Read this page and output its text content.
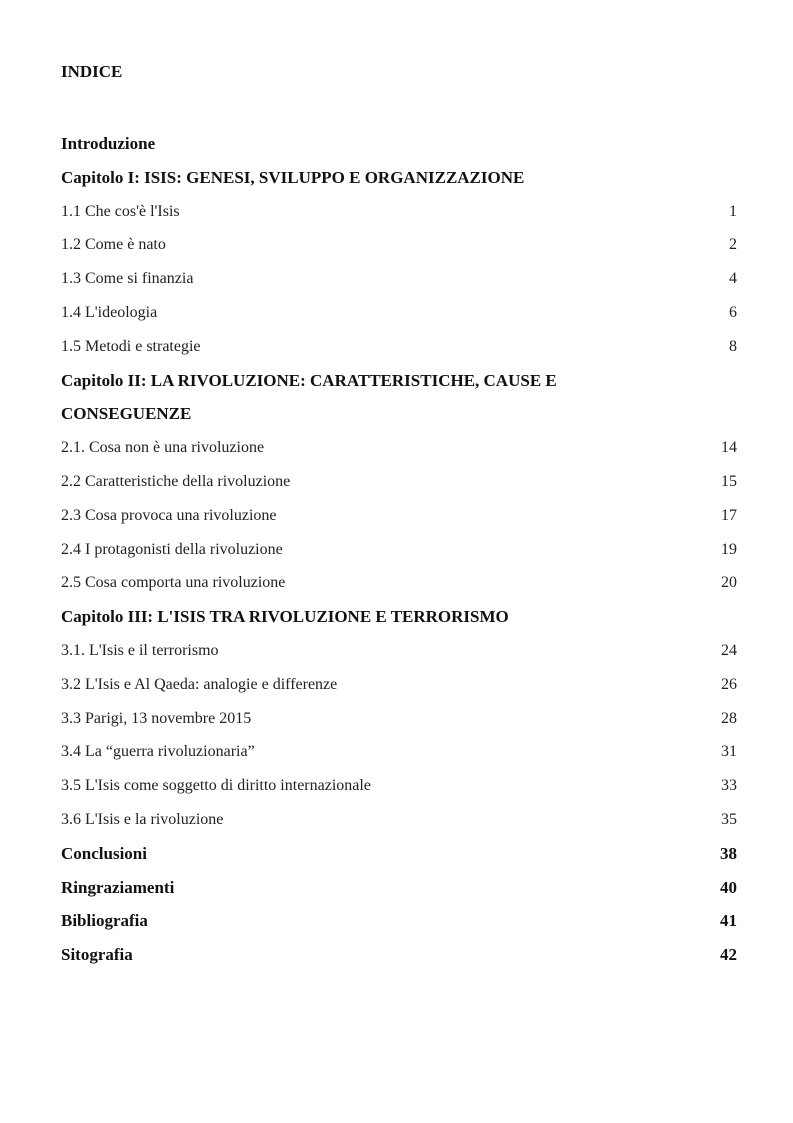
INDICE
Introduzione
Capitolo I: ISIS: GENESI, SVILUPPO E ORGANIZZAZIONE
1.1 Che cos'è l'Isis	1
1.2 Come è nato	2
1.3 Come si finanzia	4
1.4 L'ideologia	6
1.5 Metodi e strategie	8
Capitolo II: LA RIVOLUZIONE: CARATTERISTICHE, CAUSE E
CONSEGUENZE
2.1. Cosa non è una rivoluzione	14
2.2 Caratteristiche della rivoluzione	15
2.3 Cosa provoca una rivoluzione	17
2.4 I protagonisti della rivoluzione	19
2.5 Cosa comporta una rivoluzione	20
Capitolo III: L'ISIS TRA RIVOLUZIONE E TERRORISMO
3.1. L'Isis e il terrorismo	24
3.2 L'Isis e Al Qaeda: analogie e differenze	26
3.3 Parigi, 13 novembre 2015	28
3.4 La “guerra rivoluzionaria”	31
3.5 L'Isis come soggetto di diritto internazionale	33
3.6 L'Isis e la rivoluzione	35
Conclusioni	38
Ringraziamenti	40
Bibliografia	41
Sitografia	42
